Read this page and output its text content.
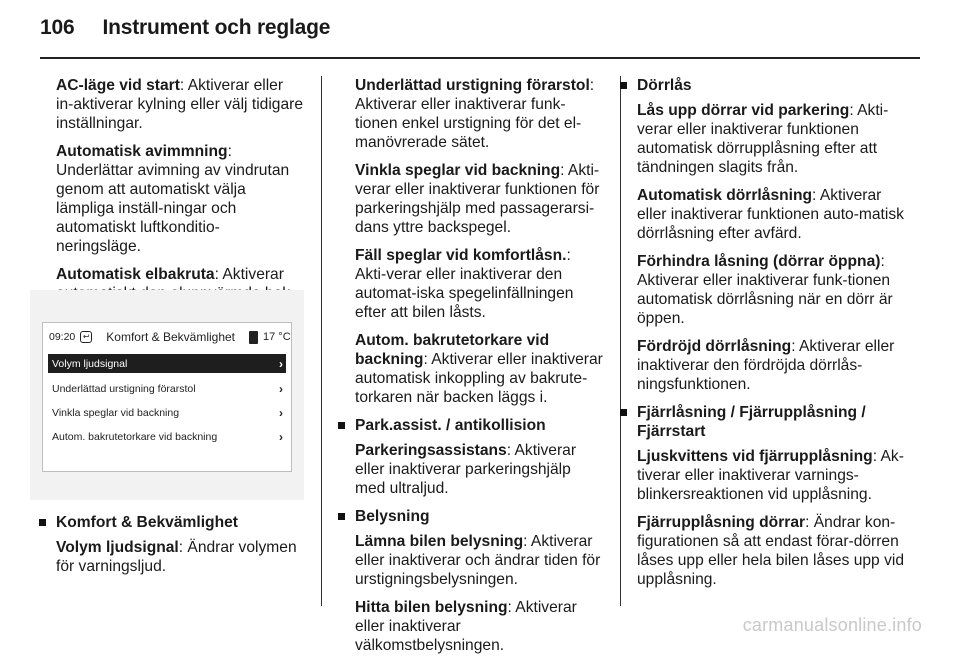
106 Instrument och reglage

AC-läge vid start: Aktiverar eller in-aktiverar kylning eller välj tidigare inställningar.

Automatisk avimmning: Underlättar avimning av vindrutan genom att automatiskt välja lämpliga inställ-ningar och automatiskt luftkonditio-neringsläge.

Automatisk elbakruta: Aktiverar

09:20 ↩ Komfort & Bekvämlighet	17 °C
Volym ljudsignal	›
Underlättad urstigning förarstol	›
Vinkla speglar vid backning	›
Autom. bakrutetorkare vid backning	›
Komfort & Bekvämlighet

Volym ljudsignal: Ändrar volymen för varningsljud.

Underlättad urstigning förarstol: Aktiverar eller inaktiverar funk-tionen enkel urstigning för det el-manövrerade sätet.

Vinkla speglar vid backning: Akti-verar eller inaktiverar funktionen för parkeringshjälp med passagerarsi-dans yttre backspegel.

Fäll speglar vid komfortlåsn.: Akti-verar eller inaktiverar den automat-iska spegelinfällningen efter att bilen låsts.

Autom. bakrutetorkare vid backning: Aktiverar eller inaktiverar automatisk inkoppling av bakrute-torkaren när backen läggs i.

Park.assist. / antikollision

Parkeringsassistans: Aktiverar eller inaktiverar parkeringshjälp med ultraljud.

Belysning

Lämna bilen belysning: Aktiverar eller inaktiverar och ändrar tiden för urstigningsbelysningen.

Hitta bilen belysning: Aktiverar eller inaktiverar välkomstbelysningen.

Dörrlås

Lås upp dörrar vid parkering: Akti-verar eller inaktiverar funktionen automatisk dörrupplåsning efter att tändningen slagits från.

Automatisk dörrlåsning: Aktiverar eller inaktiverar funktionen auto-matisk dörrlåsning efter avfärd.

Förhindra låsning (dörrar öppna): Aktiverar eller inaktiverar funk-tionen automatisk dörrlåsning när en dörr är öppen.

Fördröjd dörrlåsning: Aktiverar eller inaktiverar den fördröjda dörrlås-ningsfunktionen.

Fjärrlåsning / Fjärrupplåsning / Fjärrstart

Ljuskvittens vid fjärrupplåsning: Ak-tiverar eller inaktiverar varnings-blinkersreaktionen vid upplåsning.

Fjärrupplåsning dörrar: Ändrar kon-figurationen så att endast förar-dörren låses upp eller hela bilen låses upp vid upplåsning.

carmanualsonline.info
